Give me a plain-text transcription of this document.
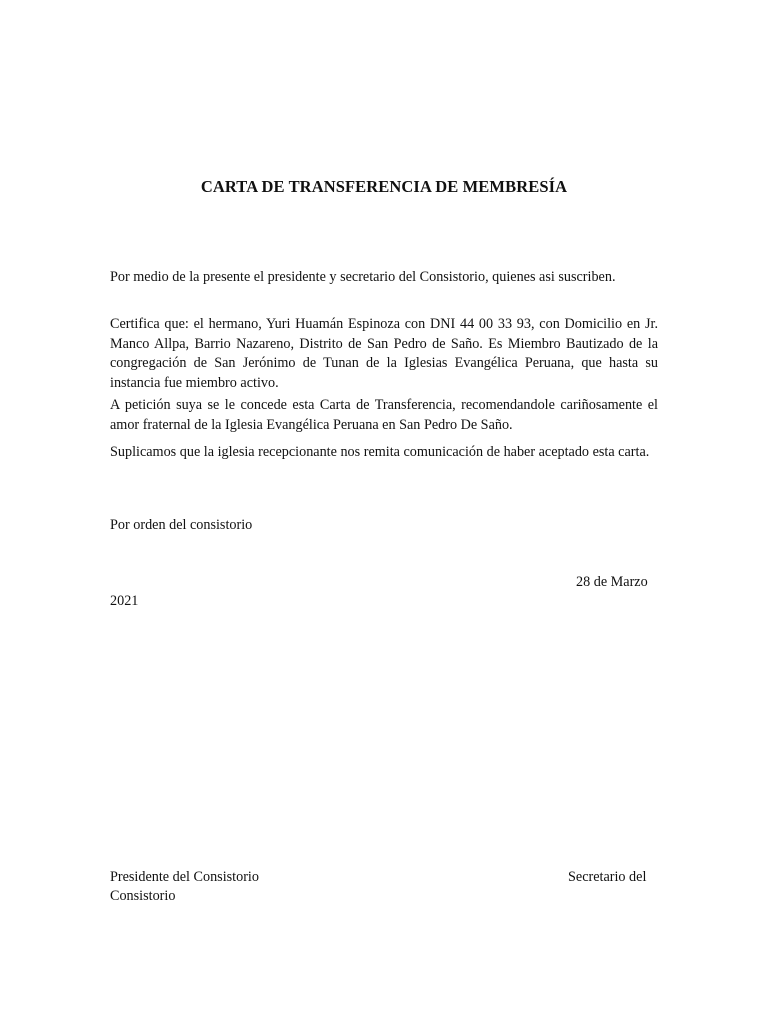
CARTA DE TRANSFERENCIA DE MEMBRESÍA

Por medio de la presente el presidente y secretario del Consistorio, quienes asi suscriben.

Certifica que: el hermano, Yuri Huamán Espinoza con DNI 44 00 33 93, con Domicilio en Jr. Manco Allpa, Barrio Nazareno, Distrito de San Pedro de Saño. Es Miembro Bautizado de la congregación de San Jerónimo de Tunan de la Iglesias Evangélica Peruana, que hasta su instancia fue miembro activo.

A petición suya se le concede esta Carta de Transferencia, recomendandole cariñosamente el amor fraternal de la Iglesia Evangélica Peruana en San Pedro De Saño.

Suplicamos que la iglesia recepcionante nos remita comunicación de haber aceptado esta carta.

Por orden del consistorio
28 de Marzo
2021
Presidente del Consistorio	Secretario del
Consistorio
